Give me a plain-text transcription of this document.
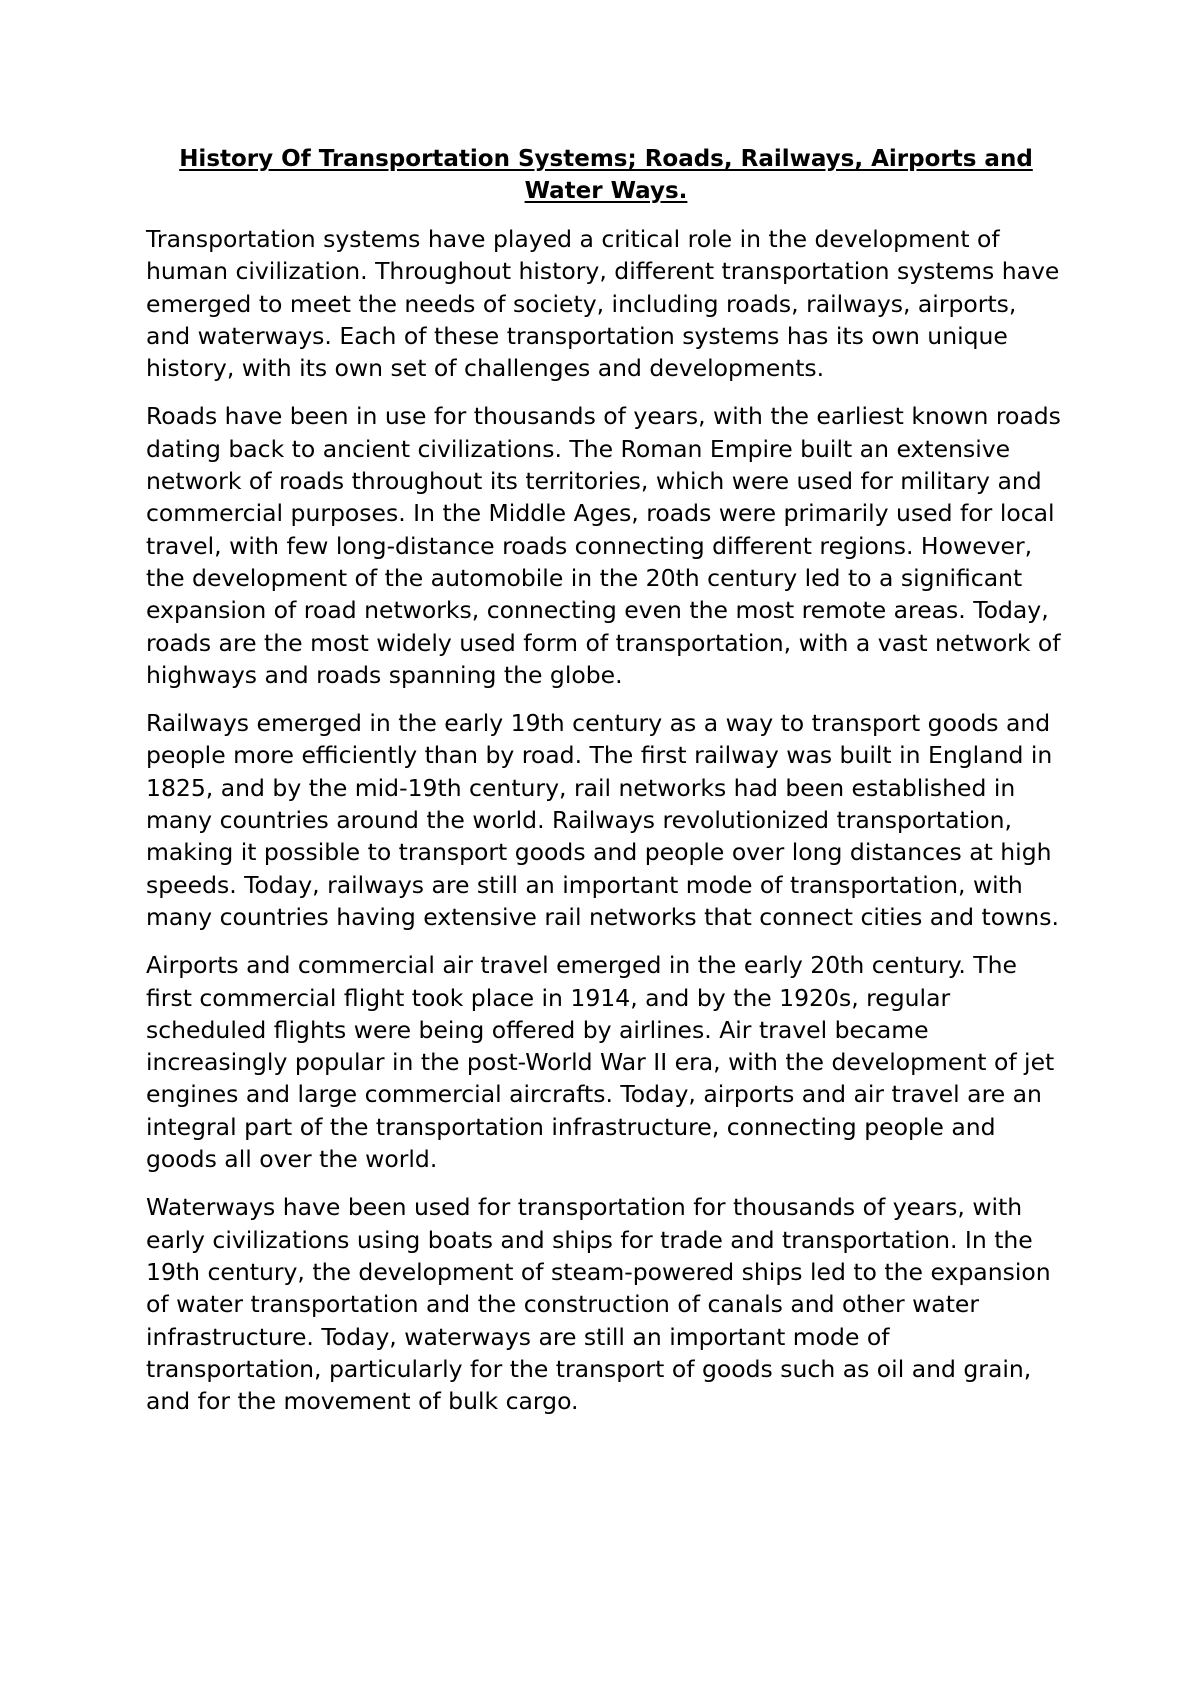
History Of Transportation Systems; Roads, Railways, Airports and Water Ways.

Transportation systems have played a critical role in the development of human civilization. Throughout history, different transportation systems have emerged to meet the needs of society, including roads, railways, airports, and waterways. Each of these transportation systems has its own unique history, with its own set of challenges and developments.

Roads have been in use for thousands of years, with the earliest known roads dating back to ancient civilizations. The Roman Empire built an extensive network of roads throughout its territories, which were used for military and commercial purposes. In the Middle Ages, roads were primarily used for local travel, with few long-distance roads connecting different regions. However, the development of the automobile in the 20th century led to a significant expansion of road networks, connecting even the most remote areas. Today, roads are the most widely used form of transportation, with a vast network of highways and roads spanning the globe.

Railways emerged in the early 19th century as a way to transport goods and people more efficiently than by road. The first railway was built in England in 1825, and by the mid-19th century, rail networks had been established in many countries around the world. Railways revolutionized transportation, making it possible to transport goods and people over long distances at high speeds. Today, railways are still an important mode of transportation, with many countries having extensive rail networks that connect cities and towns.

Airports and commercial air travel emerged in the early 20th century. The first commercial flight took place in 1914, and by the 1920s, regular scheduled flights were being offered by airlines. Air travel became increasingly popular in the post-World War II era, with the development of jet engines and large commercial aircrafts. Today, airports and air travel are an integral part of the transportation infrastructure, connecting people and goods all over the world.

Waterways have been used for transportation for thousands of years, with early civilizations using boats and ships for trade and transportation. In the 19th century, the development of steam-powered ships led to the expansion of water transportation and the construction of canals and other water infrastructure. Today, waterways are still an important mode of transportation, particularly for the transport of goods such as oil and grain, and for the movement of bulk cargo.
